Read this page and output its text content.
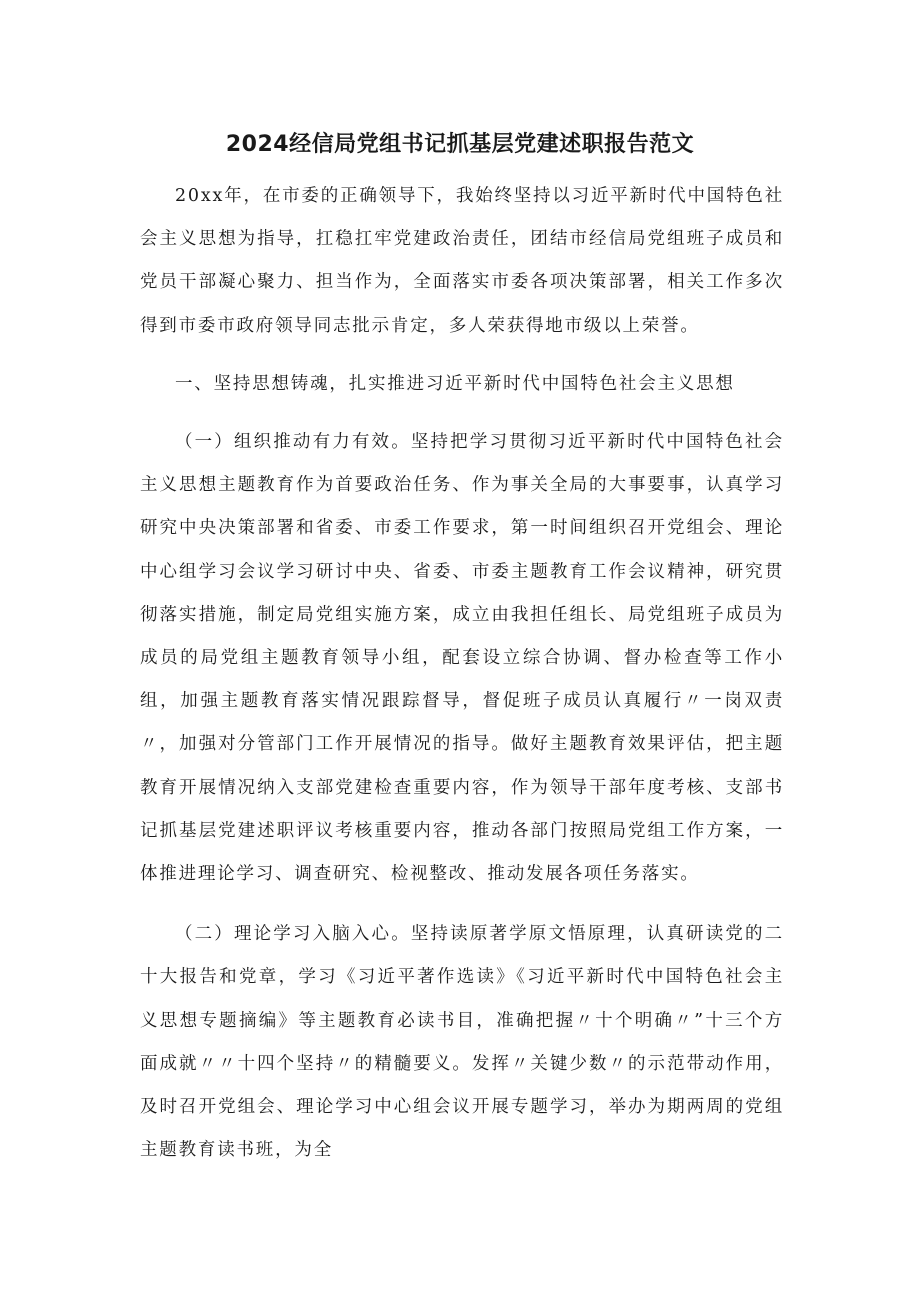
2024经信局党组书记抓基层党建述职报告范文

20xx年，在市委的正确领导下，我始终坚持以习近平新时代中国特色社会主义思想为指导，扛稳扛牢党建政治责任，团结市经信局党组班子成员和党员干部凝心聚力、担当作为，全面落实市委各项决策部署，相关工作多次得到市委市政府领导同志批示肯定，多人荣获得地市级以上荣誉。

一、坚持思想铸魂，扎实推进习近平新时代中国特色社会主义思想

（一）组织推动有力有效。坚持把学习贯彻习近平新时代中国特色社会主义思想主题教育作为首要政治任务、作为事关全局的大事要事，认真学习研究中央决策部署和省委、市委工作要求，第一时间组织召开党组会、理论中心组学习会议学习研讨中央、省委、市委主题教育工作会议精神，研究贯彻落实措施，制定局党组实施方案，成立由我担任组长、局党组班子成员为成员的局党组主题教育领导小组，配套设立综合协调、督办检查等工作小组，加强主题教育落实情况跟踪督导，督促班子成员认真履行〃一岗双责〃，加强对分管部门工作开展情况的指导。做好主题教育效果评估，把主题教育开展情况纳入支部党建检查重要内容，作为领导干部年度考核、支部书记抓基层党建述职评议考核重要内容，推动各部门按照局党组工作方案，一体推进理论学习、调查研究、检视整改、推动发展各项任务落实。

（二）理论学习入脑入心。坚持读原著学原文悟原理，认真研读党的二十大报告和党章，学习《习近平著作选读》《习近平新时代中国特色社会主义思想专题摘编》等主题教育必读书目，准确把握〃十个明确〃”十三个方面成就〃〃十四个坚持〃的精髓要义。发挥〃关键少数〃的示范带动作用，及时召开党组会、理论学习中心组会议开展专题学习，举办为期两周的党组主题教育读书班，为全
